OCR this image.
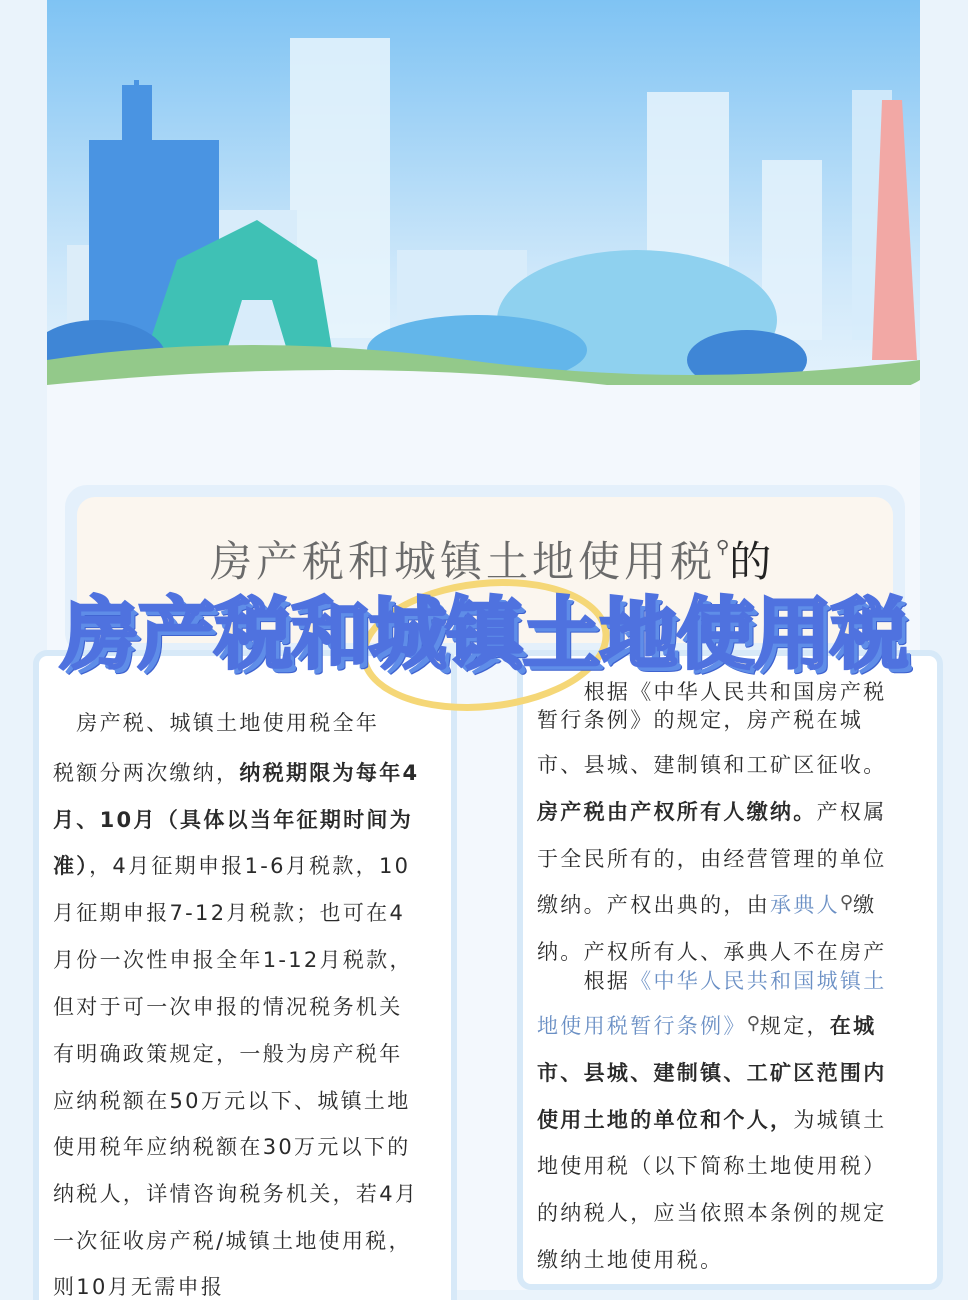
房产税和城镇土地使用税⚲的
　房产税、城镇土地使用税全年
税额分两次缴纳，纳税期限为每年4
月、10月（具体以当年征期时间为
准），4月征期申报1-6月税款，10
月征期申报7-12月税款；也可在4
月份一次性申报全年1-12月税款，
但对于可一次申报的情况税务机关
有明确政策规定，一般为房产税年
应纳税额在50万元以下、城镇土地
使用税年应纳税额在30万元以下的
纳税人，详情咨询税务机关，若4月
一次征收房产税/城镇土地使用税，
则10月无需申报
　　根据《中华人民共和国房产税
暂行条例》的规定，房产税在城
市、县城、建制镇和工矿区征收。
房产税由产权所有人缴纳。产权属
于全民所有的，由经营管理的单位
缴纳。产权出典的，由承典人⚲缴
纳。产权所有人、承典人不在房产
　　根据《中华人民共和国城镇土
地使用税暂行条例》⚲规定，在城
市、县城、建制镇、工矿区范围内
使用土地的单位和个人，为城镇土
地使用税（以下简称土地使用税）
的纳税人，应当依照本条例的规定
缴纳土地使用税。
房产税和城镇土地使用税
